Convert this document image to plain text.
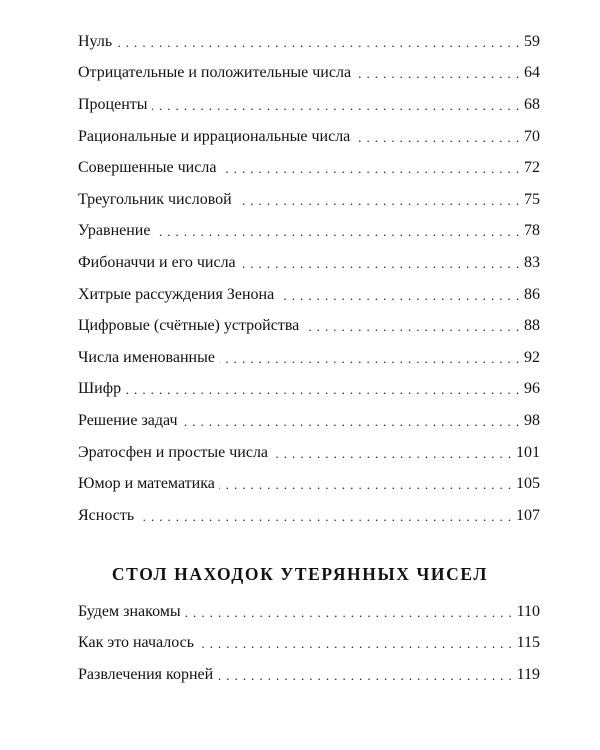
Нуль . . .	59
Отрицательные и положительные числа . . .	64
Проценты . . .	68
Рациональные и иррациональные числа . . .	70
Совершенные числа . . .	72
Треугольник числовой . . .	75
Уравнение . . .	78
Фибоначчи и его числа . . .	83
Хитрые рассуждения Зенона . . .	86
Цифровые (счётные) устройства . . .	88
Числа именованные . . .	92
Шифр . . .	96
Решение задач . . .	98
Эратосфен и простые числа . . .	101
Юмор и математика . . .	105
Ясность . . .	107
СТОЛ НАХОДОК УТЕРЯННЫХ ЧИСЕЛ
Будем знакомы . . .	110
Как это началось . . .	115
Развлечения корней . . .	119
